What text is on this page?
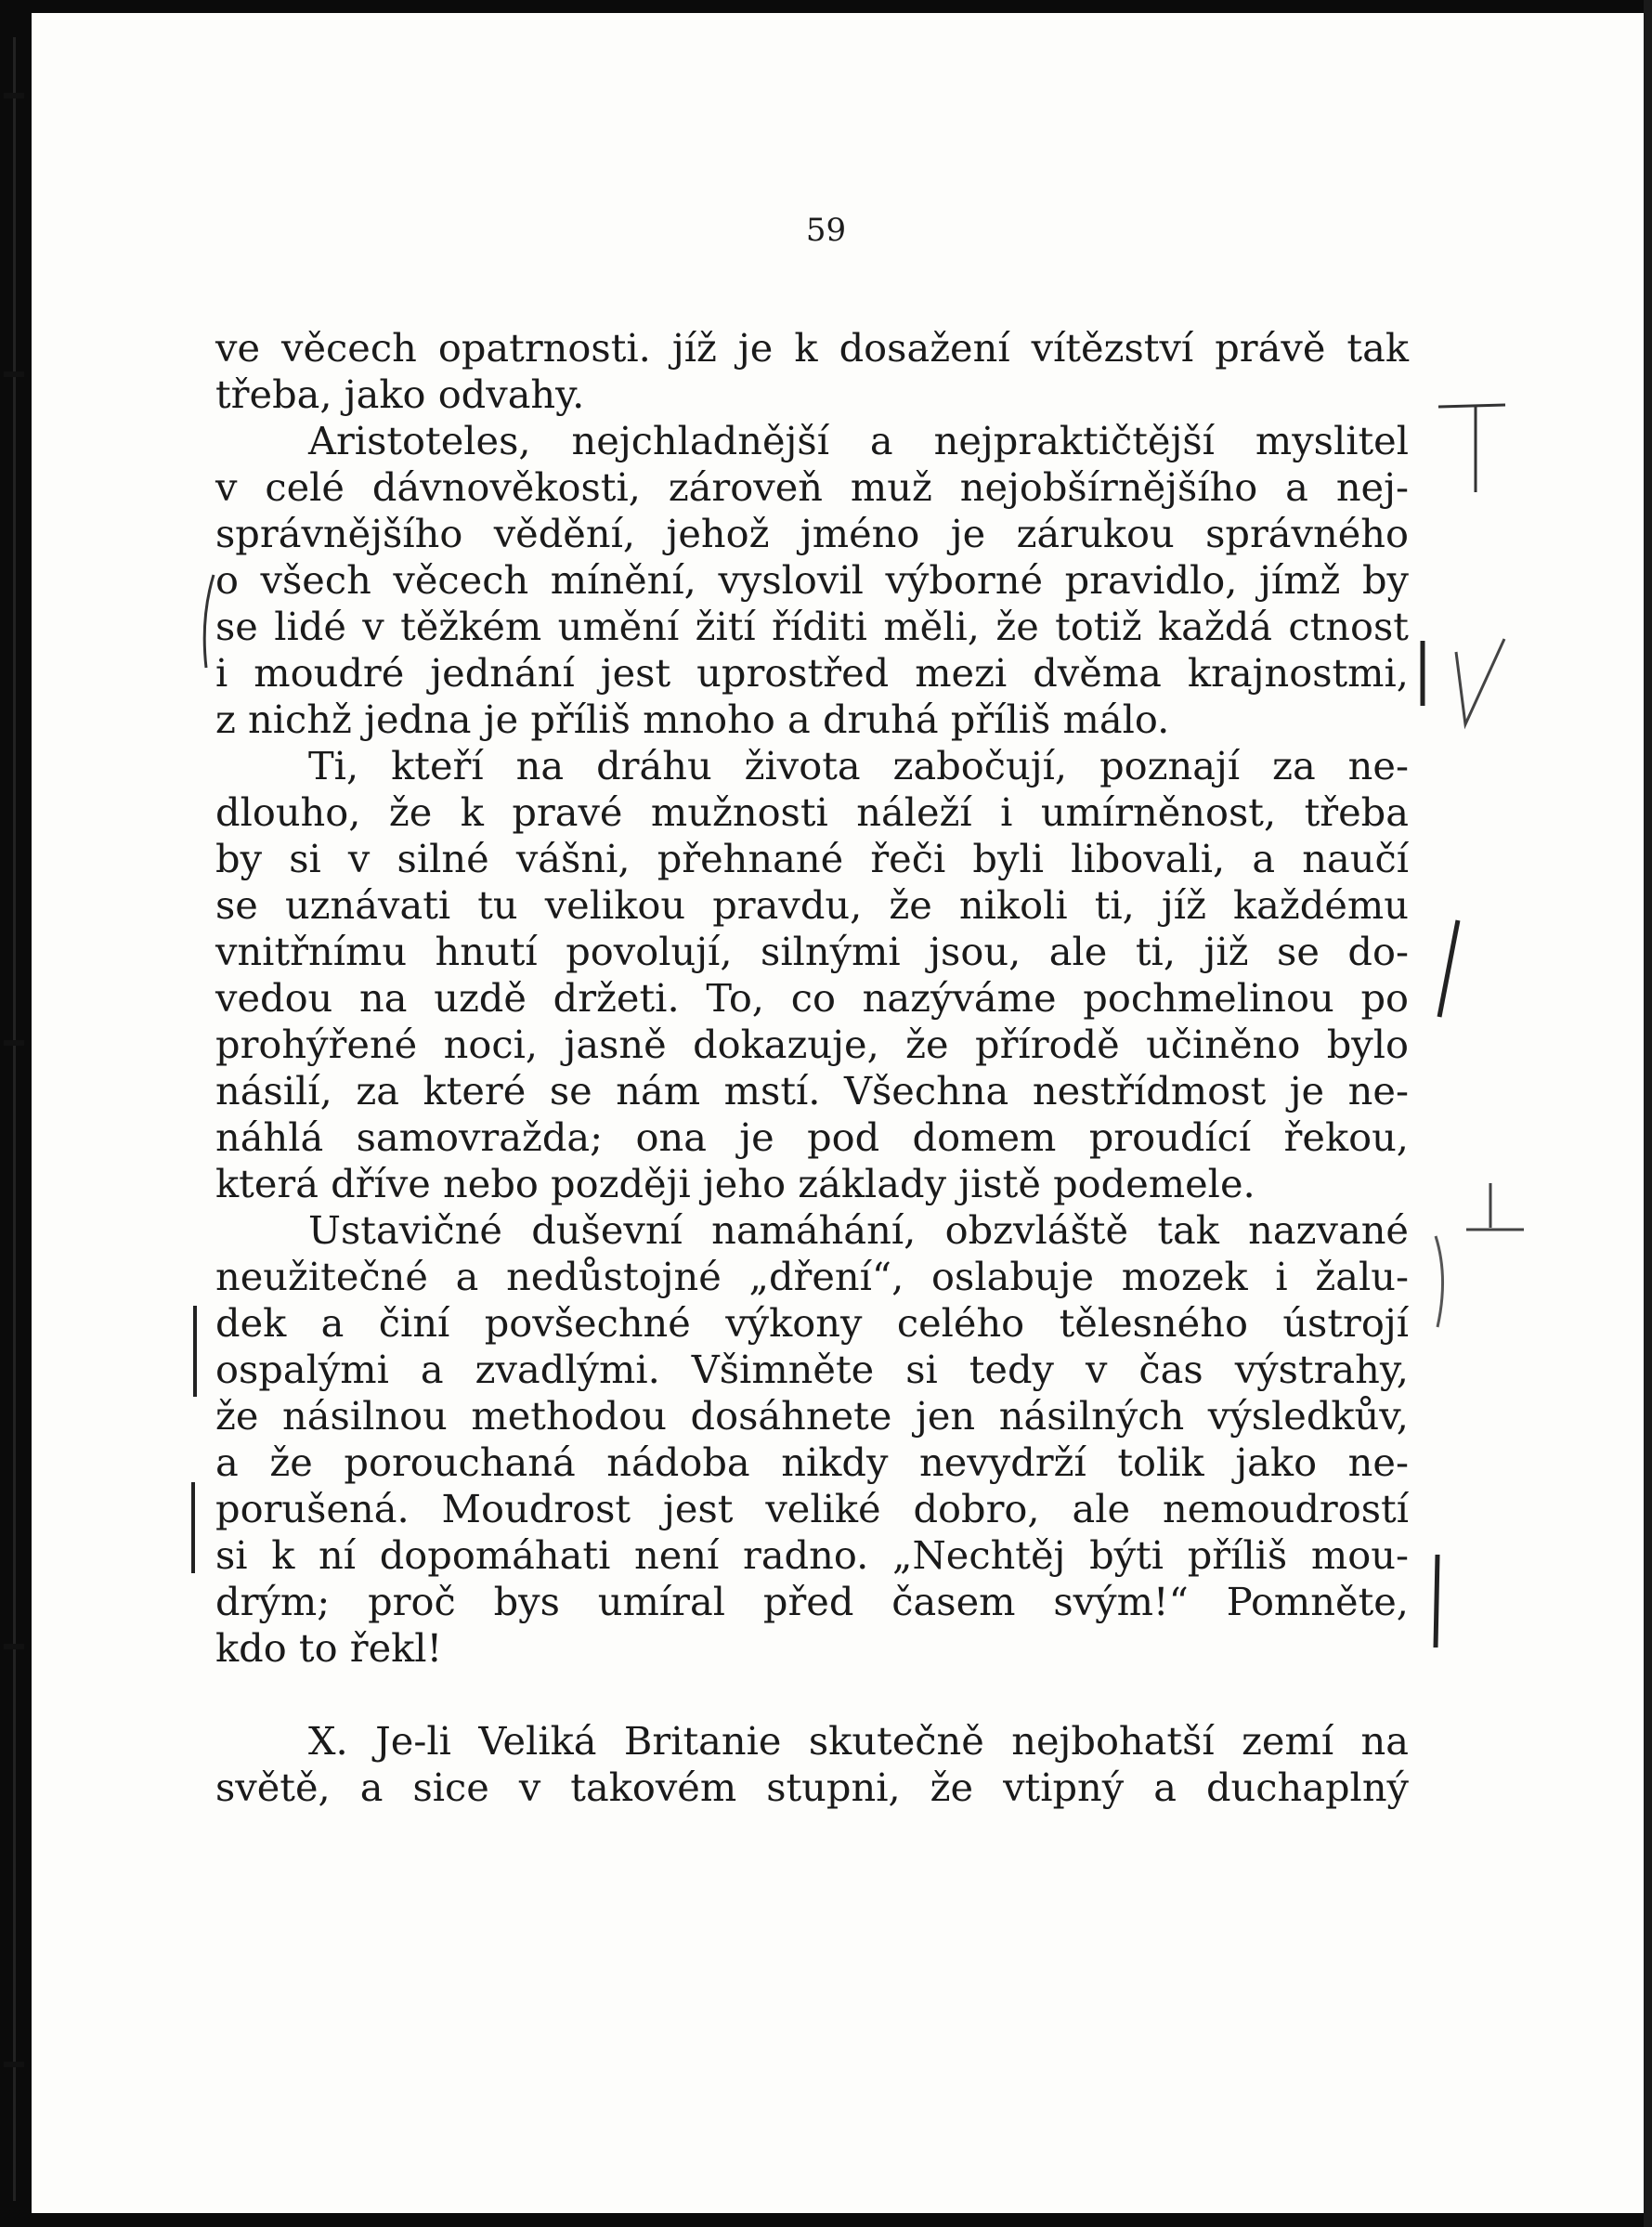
59
ve věcech opatrnosti. jíž je k dosažení vítězství právě tak
třeba, jako odvahy.
Aristoteles, nejchladnější a nejpraktičtější myslitel
v celé dávnověkosti, zároveň muž nejobšírnějšího a nej-
správnějšího vědění, jehož jméno je zárukou správného
o všech věcech mínění, vyslovil výborné pravidlo, jímž by
se lidé v těžkém umění žití říditi měli, že totiž každá ctnost
i moudré jednání jest uprostřed mezi dvěma krajnostmi,
z nichž jedna je příliš mnoho a druhá příliš málo.
Ti, kteří na dráhu života zabočují, poznají za ne-
dlouho, že k pravé mužnosti náleží i umírněnost, třeba
by si v silné vášni, přehnané řeči byli libovali, a naučí
se uznávati tu velikou pravdu, že nikoli ti, jíž každému
vnitřnímu hnutí povolují, silnými jsou, ale ti, již se do-
vedou na uzdě držeti. To, co nazýváme pochmelinou po
prohýřené noci, jasně dokazuje, že přírodě učiněno bylo
násilí, za které se nám mstí. Všechna nestřídmost je ne-
náhlá samovražda; ona je pod domem proudící řekou,
která dříve nebo později jeho základy jistě podemele.
Ustavičné duševní namáhání, obzvláště tak nazvané
neužitečné a nedůstojné „dření“, oslabuje mozek i žalu-
dek a činí povšechné výkony celého tělesného ústrojí
ospalými a zvadlými. Všimněte si tedy v čas výstrahy,
že násilnou methodou dosáhnete jen násilných výsledkův,
a že porouchaná nádoba nikdy nevydrží tolik jako ne-
porušená. Moudrost jest veliké dobro, ale nemoudrostí
si k ní dopomáhati není radno. „Nechtěj býti příliš mou-
drým; proč bys umíral před časem svým!“ Pomněte,
kdo to řekl!
X. Je-li Veliká Britanie skutečně nejbohatší zemí na
světě, a sice v takovém stupni, že vtipný a duchaplný
